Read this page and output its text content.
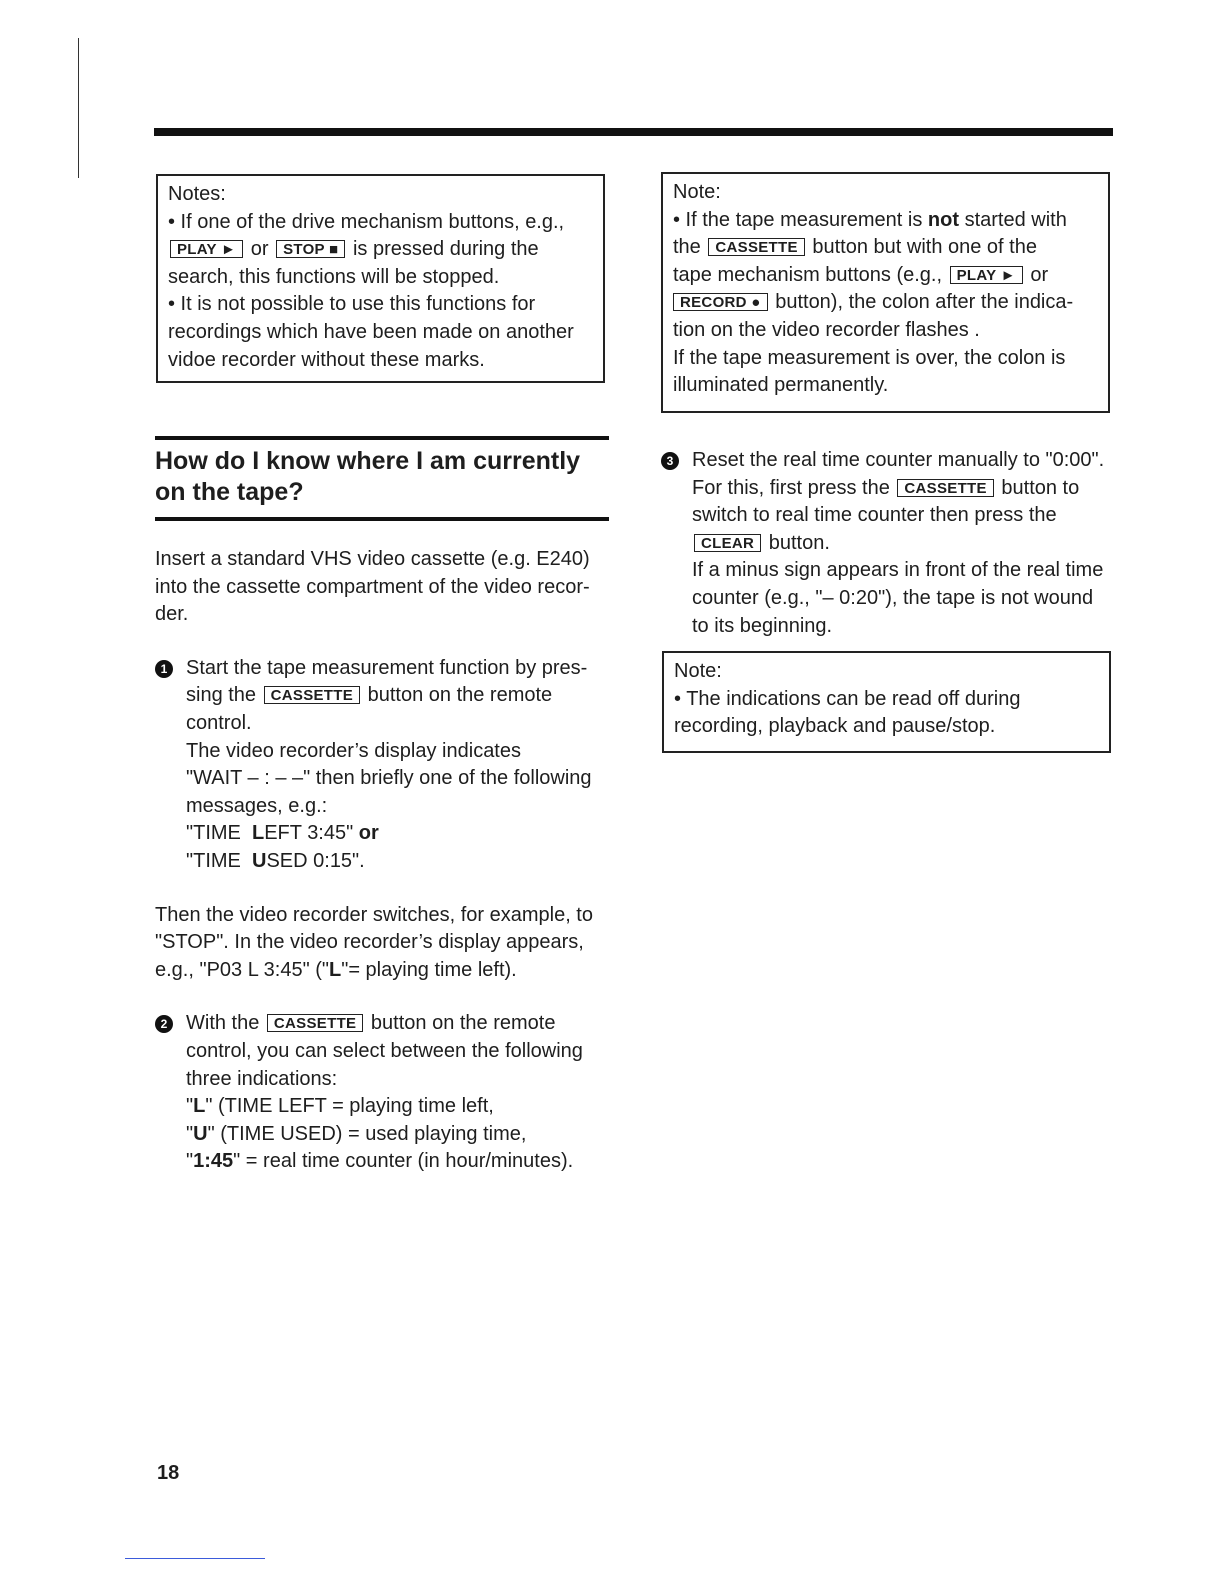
Notes:

• If one of the drive mechanism buttons, e.g.,
PLAY ► or STOP ■ is pressed during the
search, this functions will be stopped.

• It is not possible to use this functions for recordings which have been made on another vidoe recorder without these marks.

Note:

• If the tape measurement is not started with

the CASSETTE button but with one of the

tape mechanism buttons (e.g., PLAY ► or

RECORD ● button), the colon after the indica-

tion on the video recorder flashes .

If the tape measurement is over, the colon is illuminated permanently.

How do I know where I am currently on the tape?

Insert a standard VHS video cassette (e.g. E240) into the cassette compartment of the video recor- der.

1 Start the tape measurement function by pres- sing the CASSETTE button on the remote control.

The video recorder’s display indicates

"WAIT – : – –" then briefly one of the following messages, e.g.:

"TIME LEFT 3:45" or

"TIME USED 0:15".

Then the video recorder switches, for example, to "STOP". In the video recorder’s display appears, e.g., "P03 L 3:45" ("L"= playing time left).

2 With the CASSETTE button on the remote control, you can select between the following three indications:

"L" (TIME LEFT = playing time left,

"U" (TIME USED) = used playing time,

"1:45" = real time counter (in hour/minutes).

3 Reset the real time counter manually to "0:00". For this, first press the CASSETTE button to switch to real time counter then press the CLEAR button.

If a minus sign appears in front of the real time counter (e.g., "– 0:20"), the tape is not wound to its beginning.

Note:

• The indications can be read off during recording, playback and pause/stop.

18
